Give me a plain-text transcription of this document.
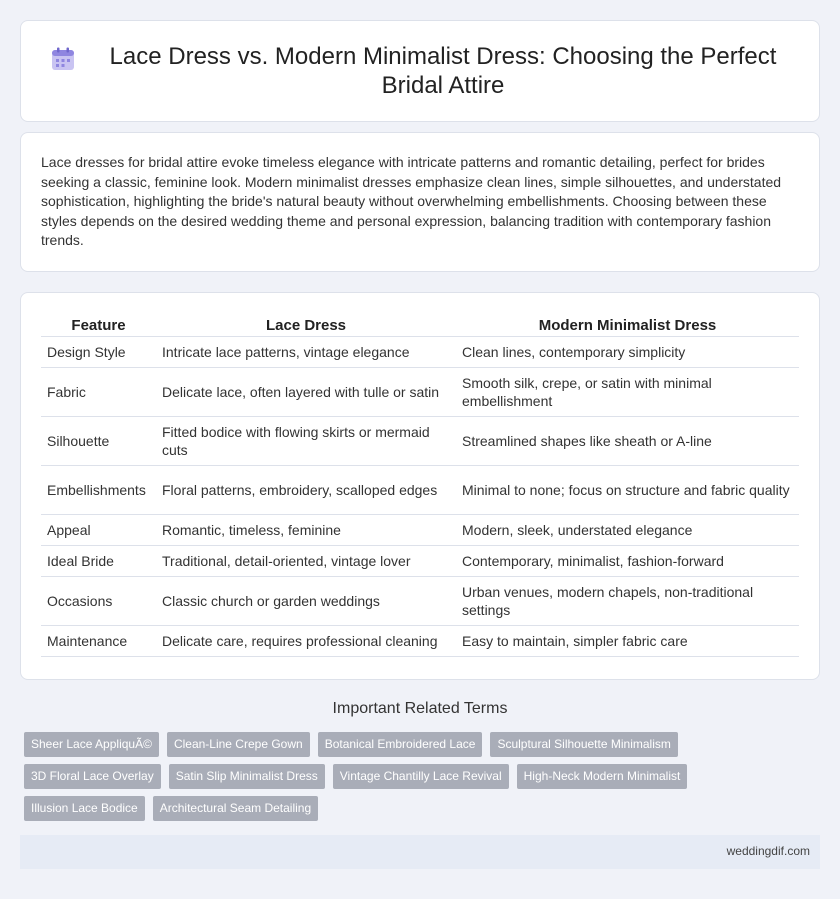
Lace Dress vs. Modern Minimalist Dress: Choosing the Perfect Bridal Attire

Lace dresses for bridal attire evoke timeless elegance with intricate patterns and romantic detailing, perfect for brides seeking a classic, feminine look. Modern minimalist dresses emphasize clean lines, simple silhouettes, and understated sophistication, highlighting the bride's natural beauty without overwhelming embellishments. Choosing between these styles depends on the desired wedding theme and personal expression, balancing tradition with contemporary fashion trends.

Feature	Lace Dress	Modern Minimalist Dress
Design Style	Intricate lace patterns, vintage elegance	Clean lines, contemporary simplicity
Fabric	Delicate lace, often layered with tulle or satin	Smooth silk, crepe, or satin with minimal embellishment
Silhouette	Fitted bodice with flowing skirts or mermaid cuts	Streamlined shapes like sheath or A-line
Embellishments	Floral patterns, embroidery, scalloped edges	Minimal to none; focus on structure and fabric quality
Appeal	Romantic, timeless, feminine	Modern, sleek, understated elegance
Ideal Bride	Traditional, detail-oriented, vintage lover	Contemporary, minimalist, fashion-forward
Occasions	Classic church or garden weddings	Urban venues, modern chapels, non-traditional settings
Maintenance	Delicate care, requires professional cleaning	Easy to maintain, simpler fabric care
Important Related Terms
Sheer Lace AppliquÃ©	Clean-Line Crepe Gown	Botanical Embroidered Lace	Sculptural Silhouette Minimalism
3D Floral Lace Overlay	Satin Slip Minimalist Dress	Vintage Chantilly Lace Revival	High-Neck Modern Minimalist
Illusion Lace Bodice	Architectural Seam Detailing
weddingdif.com
